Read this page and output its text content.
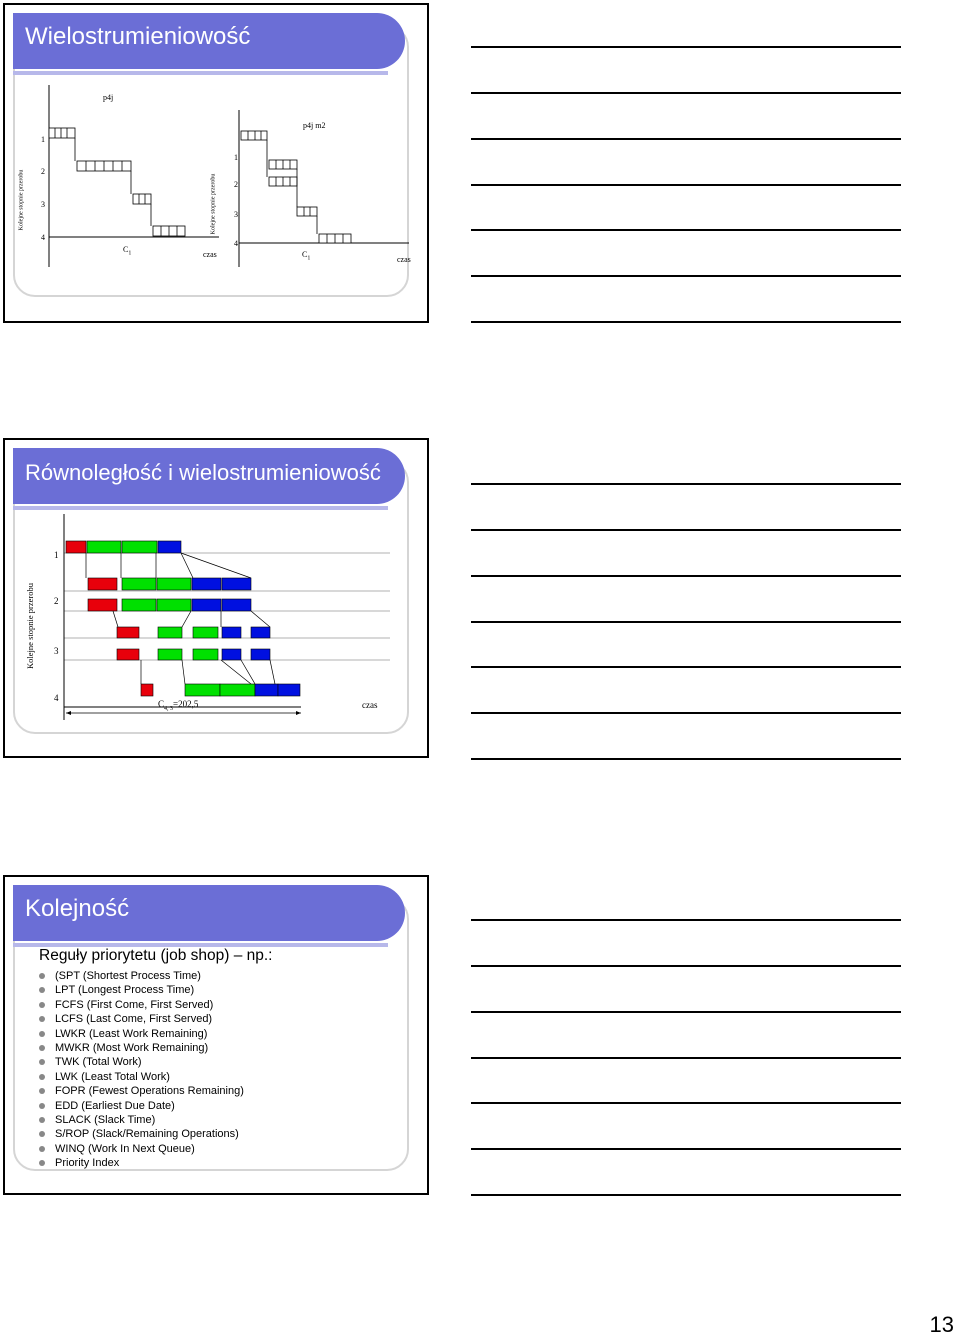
Wielostrumieniowość
p4j
1
2
3
4
Kolejne stopnie przerobu
$C_1$	czas
p4j m2
1
2
3
4
Kolejne stopnie przerobu
$C_1$	czas
Równoległość i wielostrumieniowość
1
2
3
4
Kolejne stopnie przerobu
$C_{4, 3}=202,5$	czas
Kolejność
Reguły priorytetu (job shop) – np.:
(SPT (Shortest Process Time)
LPT (Longest Process Time)
FCFS (First Come, First Served)
LCFS (Last Come, First Served)
LWKR (Least Work Remaining)
MWKR (Most Work Remaining)
TWK (Total Work)
LWK (Least Total Work)
FOPR (Fewest Operations Remaining)
EDD (Earliest Due Date)
SLACK (Slack Time)
S/ROP (Slack/Remaining Operations)
WINQ (Work In Next Queue)
Priority Index
13
